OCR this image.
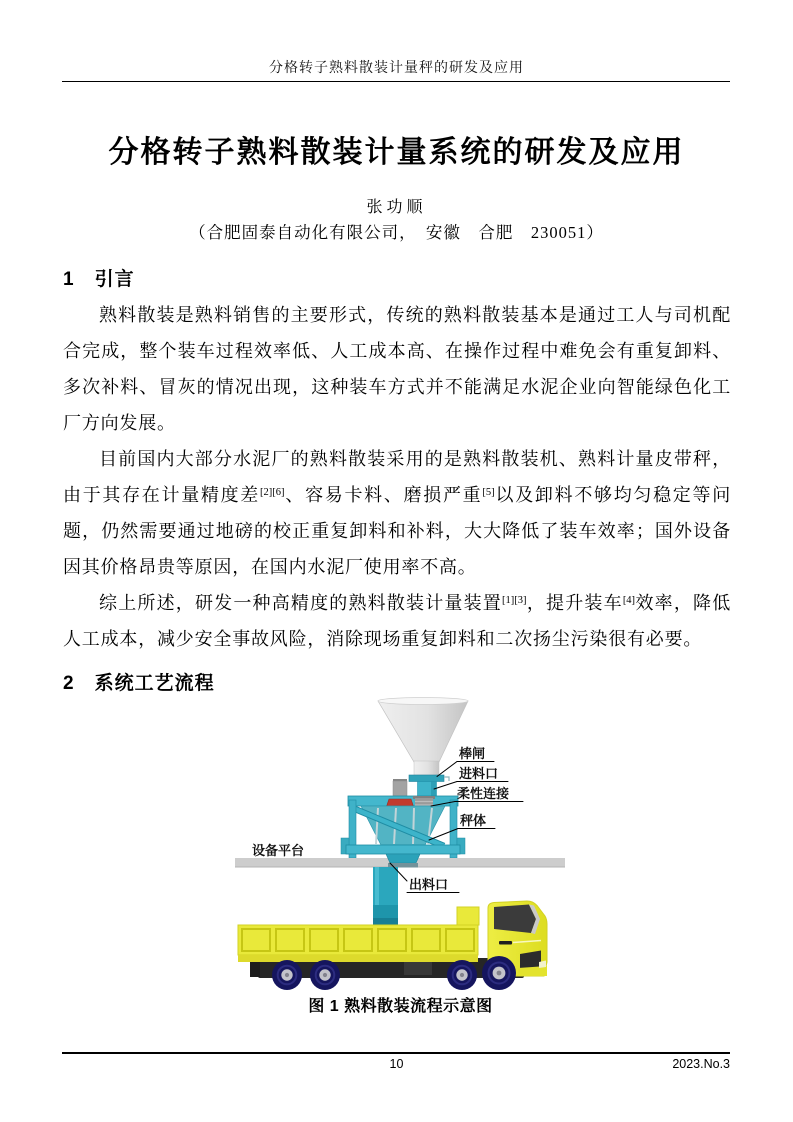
分格转子熟料散装计量秤的研发及应用
分格转子熟料散装计量系统的研发及应用
张功顺
（合肥固泰自动化有限公司，　安徽　合肥　230051）
1 引言

熟料散装是熟料销售的主要形式，传统的熟料散装基本是通过工人与司机配合完成，整个装车过程效率低、人工成本高、在操作过程中难免会有重复卸料、多次补料、冒灰的情况出现，这种装车方式并不能满足水泥企业向智能绿色化工厂方向发展。

目前国内大部分水泥厂的熟料散装采用的是熟料散装机、熟料计量皮带秤，由于其存在计量精度差[2][6]、容易卡料、磨损严重[5]以及卸料不够均匀稳定等问题，仍然需要通过地磅的校正重复卸料和补料，大大降低了装车效率；国外设备因其价格昂贵等原因，在国内水泥厂使用率不高。

综上所述，研发一种高精度的熟料散装计量装置[1][3]，提升装车[4]效率，降低人工成本，减少安全事故风险，消除现场重复卸料和二次扬尘污染很有必要。

2 系统工艺流程
棒闸
进料口
柔性连接
秤体
设备平台
出料口
图 1 熟料散装流程示意图
10	2023.No.3
